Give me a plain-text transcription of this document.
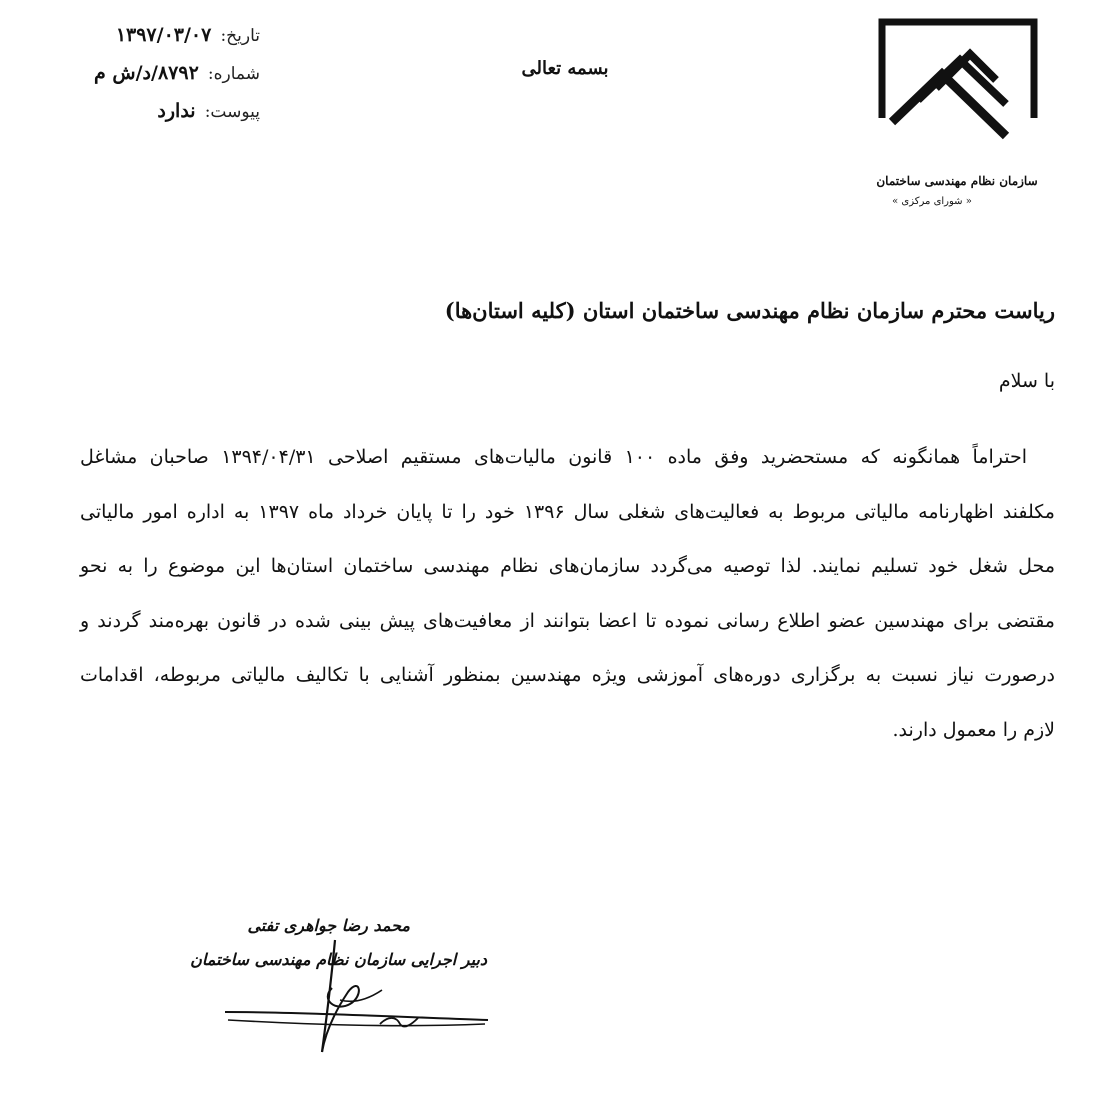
تاریخ: ۱۳۹۷/۰۳/۰۷
شماره: ۸۷۹۲/د/ش م
پیوست: ندارد
بسمه تعالی
سازمان نظام مهندسی ساختمان
« شورای مرکزی »
ریاست محترم سازمان نظام مهندسی ساختمان استان (کلیه استان‌ها)
با سلام
احتراماً همانگونه که مستحضرید وفق ماده ۱۰۰ قانون مالیات‌های مستقیم اصلاحی ۱۳۹۴/۰۴/۳۱ صاحبان مشاغل
مکلفند اظهارنامه مالیاتی مربوط به فعالیت‌های شغلی سال ۱۳۹۶ خود را تا پایان خرداد ماه ۱۳۹۷ به اداره امور مالیاتی
محل شغل خود تسلیم نمایند. لذا توصیه می‌گردد سازمان‌های نظام مهندسی ساختمان استان‌ها این موضوع را به نحو
مقتضی برای مهندسین عضو اطلاع رسانی نموده تا اعضا بتوانند از معافیت‌های پیش بینی شده در قانون بهره‌مند گردند و
درصورت نیاز نسبت به برگزاری دوره‌های آموزشی ویژه مهندسین بمنظور آشنایی با تکالیف مالیاتی مربوطه، اقدامات
لازم را معمول دارند.
محمد رضا جواهری تفتی
دبیر اجرایی سازمان نظام مهندسی ساختمان
